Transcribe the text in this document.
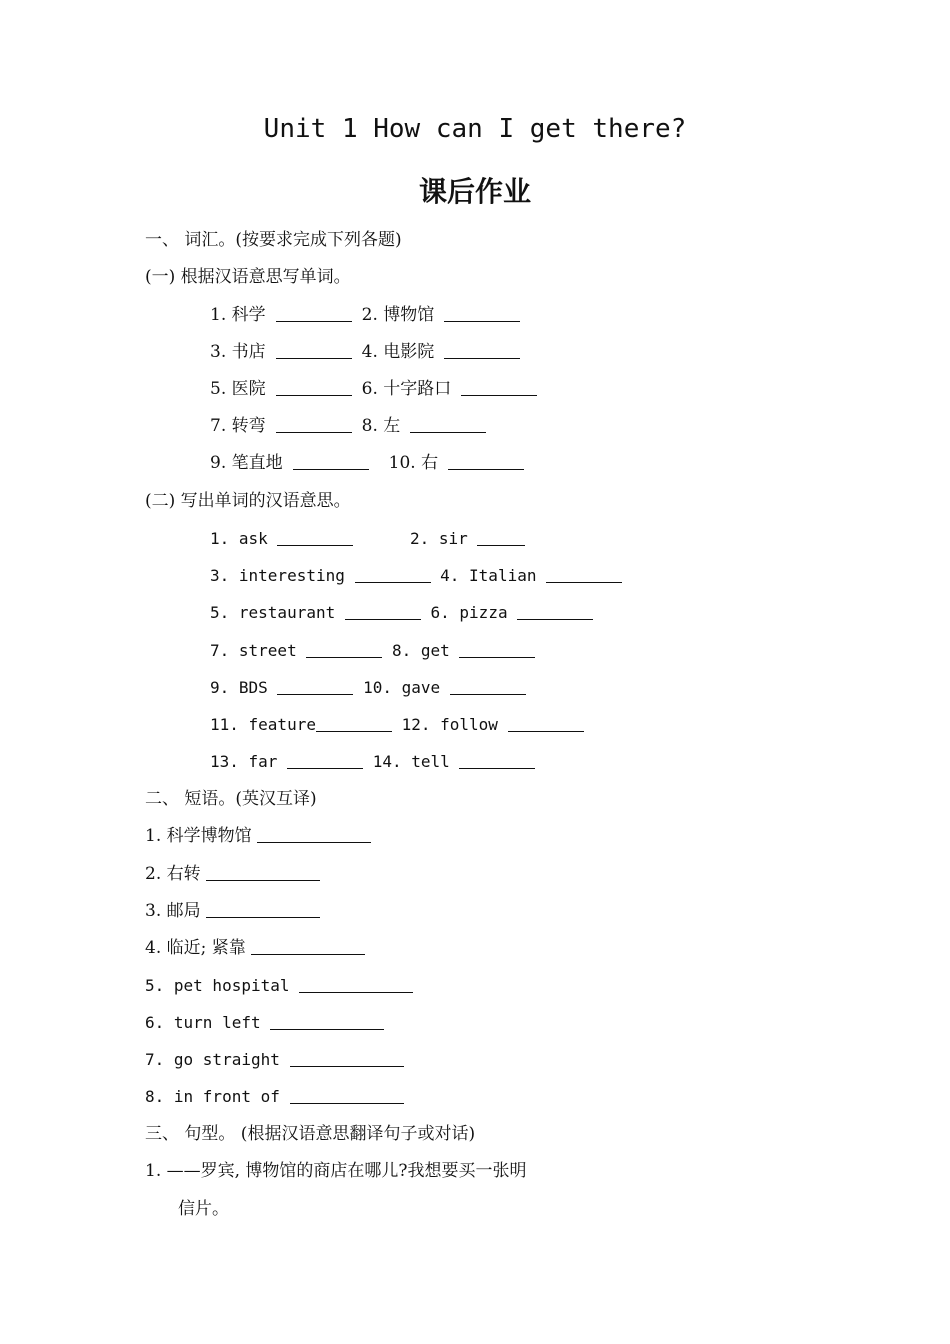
Unit 1 How can I get there?
课后作业
一、 词汇。(按要求完成下列各题)
(一) 根据汉语意思写单词。
1. 科学	2. 博物馆
3. 书店	4. 电影院
5. 医院	6. 十字路口
7. 转弯	8. 左
9. 笔直地	10. 右
(二) 写出单词的汉语意思。
1. ask	2. sir
3. interesting	4. Italian
5. restaurant	6. pizza
7. street	8. get
9. BDS	10. gave
11. feature	12. follow
13. far	14. tell
二、 短语。(英汉互译)
1. 科学博物馆
2. 右转
3. 邮局
4. 临近; 紧靠
5. pet hospital
6. turn left
7. go straight
8. in front of
三、 句型。 (根据汉语意思翻译句子或对话)
1. ——罗宾, 博物馆的商店在哪儿?我想要买一张明
信片。
